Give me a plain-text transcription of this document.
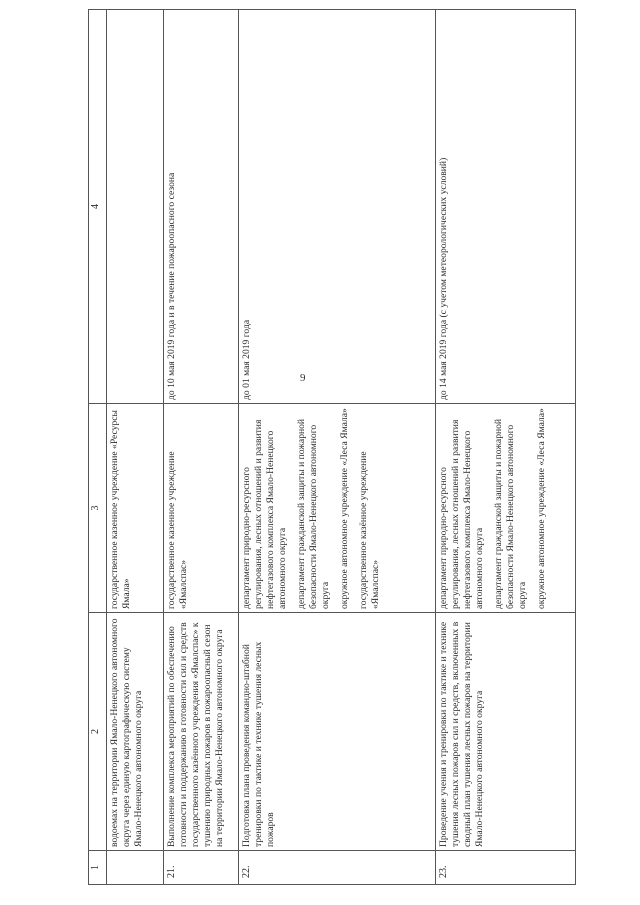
9
1	2	3	4
	водоемах на территории Ямало-Ненецкого автономного округа через единую картографическую систему Ямало-Ненецкого автономного округа	государственное казенное учреждение «Ресурсы Ямала»	

21.	Выполнение комплекса мероприятий по обеспечению готовности и поддержанию в готовности сил и средств государственного казённого учреждения «Ямалспас» к тушению природных пожаров в пожароопасный сезон на территории Ямало-Ненецкого автономного округа	государственное казенное учреждение «Ямалспас»	до 10 мая 2019 года и в течение пожароопасного сезона
22.	Подготовка плана проведения командно-штабной тренировки по тактике и технике тушения лесных пожаров	департамент природно-ресурсного регулирования, лесных отношений и развития нефтегазового комплекса Ямало-Ненецкого автономного округа департамент гражданской защиты и пожарной безопасности Ямало-Ненецкого автономного округа окружное автономное учреждение «Леса Ямала» государственное казённое учреждение «Ямалспас»	до 01 мая 2019 года
23.	Проведение учения и тренировки по тактике и технике тушения лесных пожаров сил и средств, включенных в сводный план тушения лесных пожаров на территории Ямало-Ненецкого автономного округа	департамент природно-ресурсного регулирования, лесных отношений и развития нефтегазового комплекса Ямало-Ненецкого автономного округа департамент гражданской защиты и пожарной безопасности Ямало-Ненецкого автономного округа окружное автономное учреждение «Леса Ямала»	до 14 мая 2019 года (с учетом метеорологических условий)
